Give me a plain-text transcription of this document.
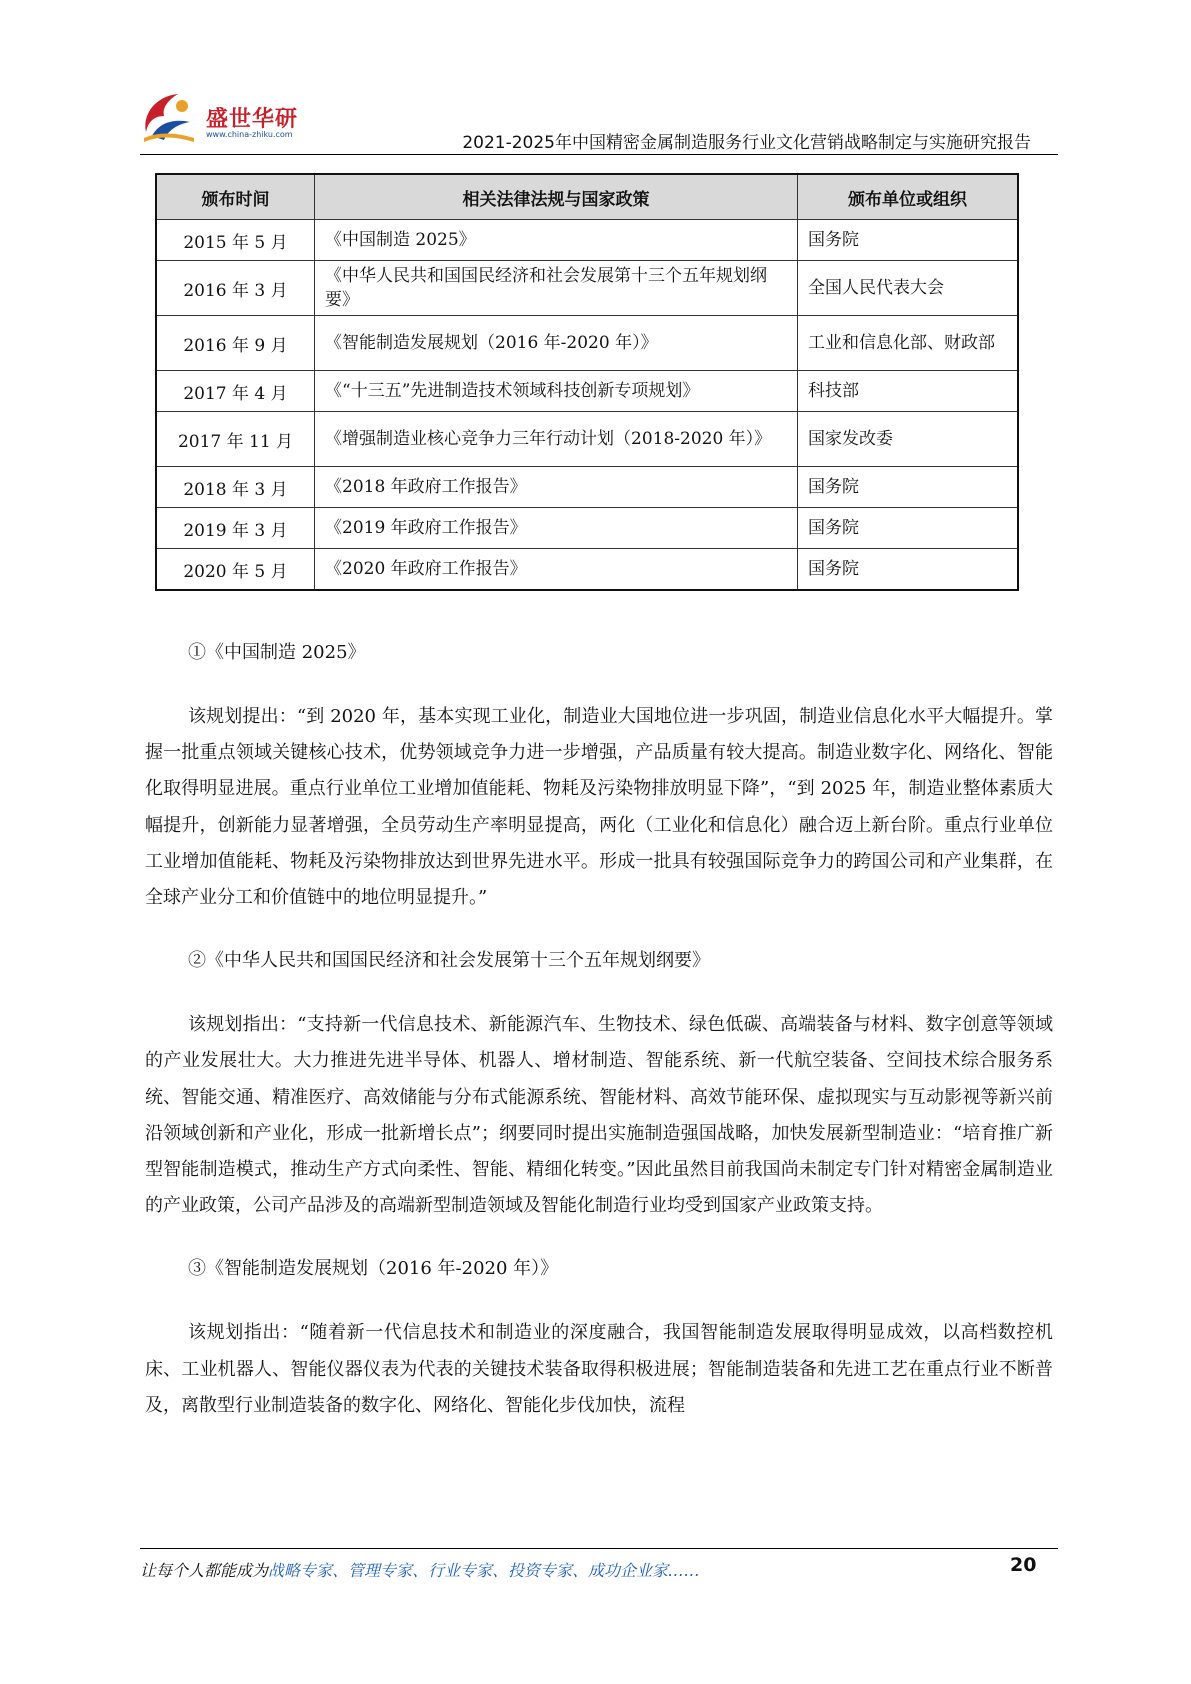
盛世华研
www.china-zhiku.com	2021-2025年中国精密金属制造服务行业文化营销战略制定与实施研究报告
颁布时间	相关法律法规与国家政策	颁布单位或组织
2015 年 5 月	《中国制造 2025》	国务院
2016 年 3 月	《中华人民共和国国民经济和社会发展第十三个五年规划纲要》	全国人民代表大会
2016 年 9 月	《智能制造发展规划（2016 年-2020 年）》	工业和信息化部、财政部
2017 年 4 月	《“十三五”先进制造技术领域科技创新专项规划》	科技部
2017 年 11 月	《增强制造业核心竞争力三年行动计划（2018-2020 年）》	国家发改委
2018 年 3 月	《2018 年政府工作报告》	国务院
2019 年 3 月	《2019 年政府工作报告》	国务院
2020 年 5 月	《2020 年政府工作报告》	国务院

①《中国制造 2025》

该规划提出：“到 2020 年，基本实现工业化，制造业大国地位进一步巩固，制造业信息化水平大幅提升。掌握一批重点领域关键核心技术，优势领域竞争力进一步增强，产品质量有较大提高。制造业数字化、网络化、智能化取得明显进展。重点行业单位工业增加值能耗、物耗及污染物排放明显下降”，“到 2025 年，制造业整体素质大幅提升，创新能力显著增强，全员劳动生产率明显提高，两化（工业化和信息化）融合迈上新台阶。重点行业单位工业增加值能耗、物耗及污染物排放达到世界先进水平。形成一批具有较强国际竞争力的跨国公司和产业集群，在全球产业分工和价值链中的地位明显提升。”

②《中华人民共和国国民经济和社会发展第十三个五年规划纲要》

该规划指出：“支持新一代信息技术、新能源汽车、生物技术、绿色低碳、高端装备与材料、数字创意等领域的产业发展壮大。大力推进先进半导体、机器人、增材制造、智能系统、新一代航空装备、空间技术综合服务系统、智能交通、精准医疗、高效储能与分布式能源系统、智能材料、高效节能环保、虚拟现实与互动影视等新兴前沿领域创新和产业化，形成一批新增长点”；纲要同时提出实施制造强国战略，加快发展新型制造业：“培育推广新型智能制造模式，推动生产方式向柔性、智能、精细化转变。”因此虽然目前我国尚未制定专门针对精密金属制造业的产业政策，公司产品涉及的高端新型制造领域及智能化制造行业均受到国家产业政策支持。

③《智能制造发展规划（2016 年-2020 年）》

该规划指出：“随着新一代信息技术和制造业的深度融合，我国智能制造发展取得明显成效，以高档数控机床、工业机器人、智能仪器仪表为代表的关键技术装备取得积极进展；智能制造装备和先进工艺在重点行业不断普及，离散型行业制造装备的数字化、网络化、智能化步伐加快，流程

让每个人都能成为战略专家、管理专家、行业专家、投资专家、成功企业家……	20
